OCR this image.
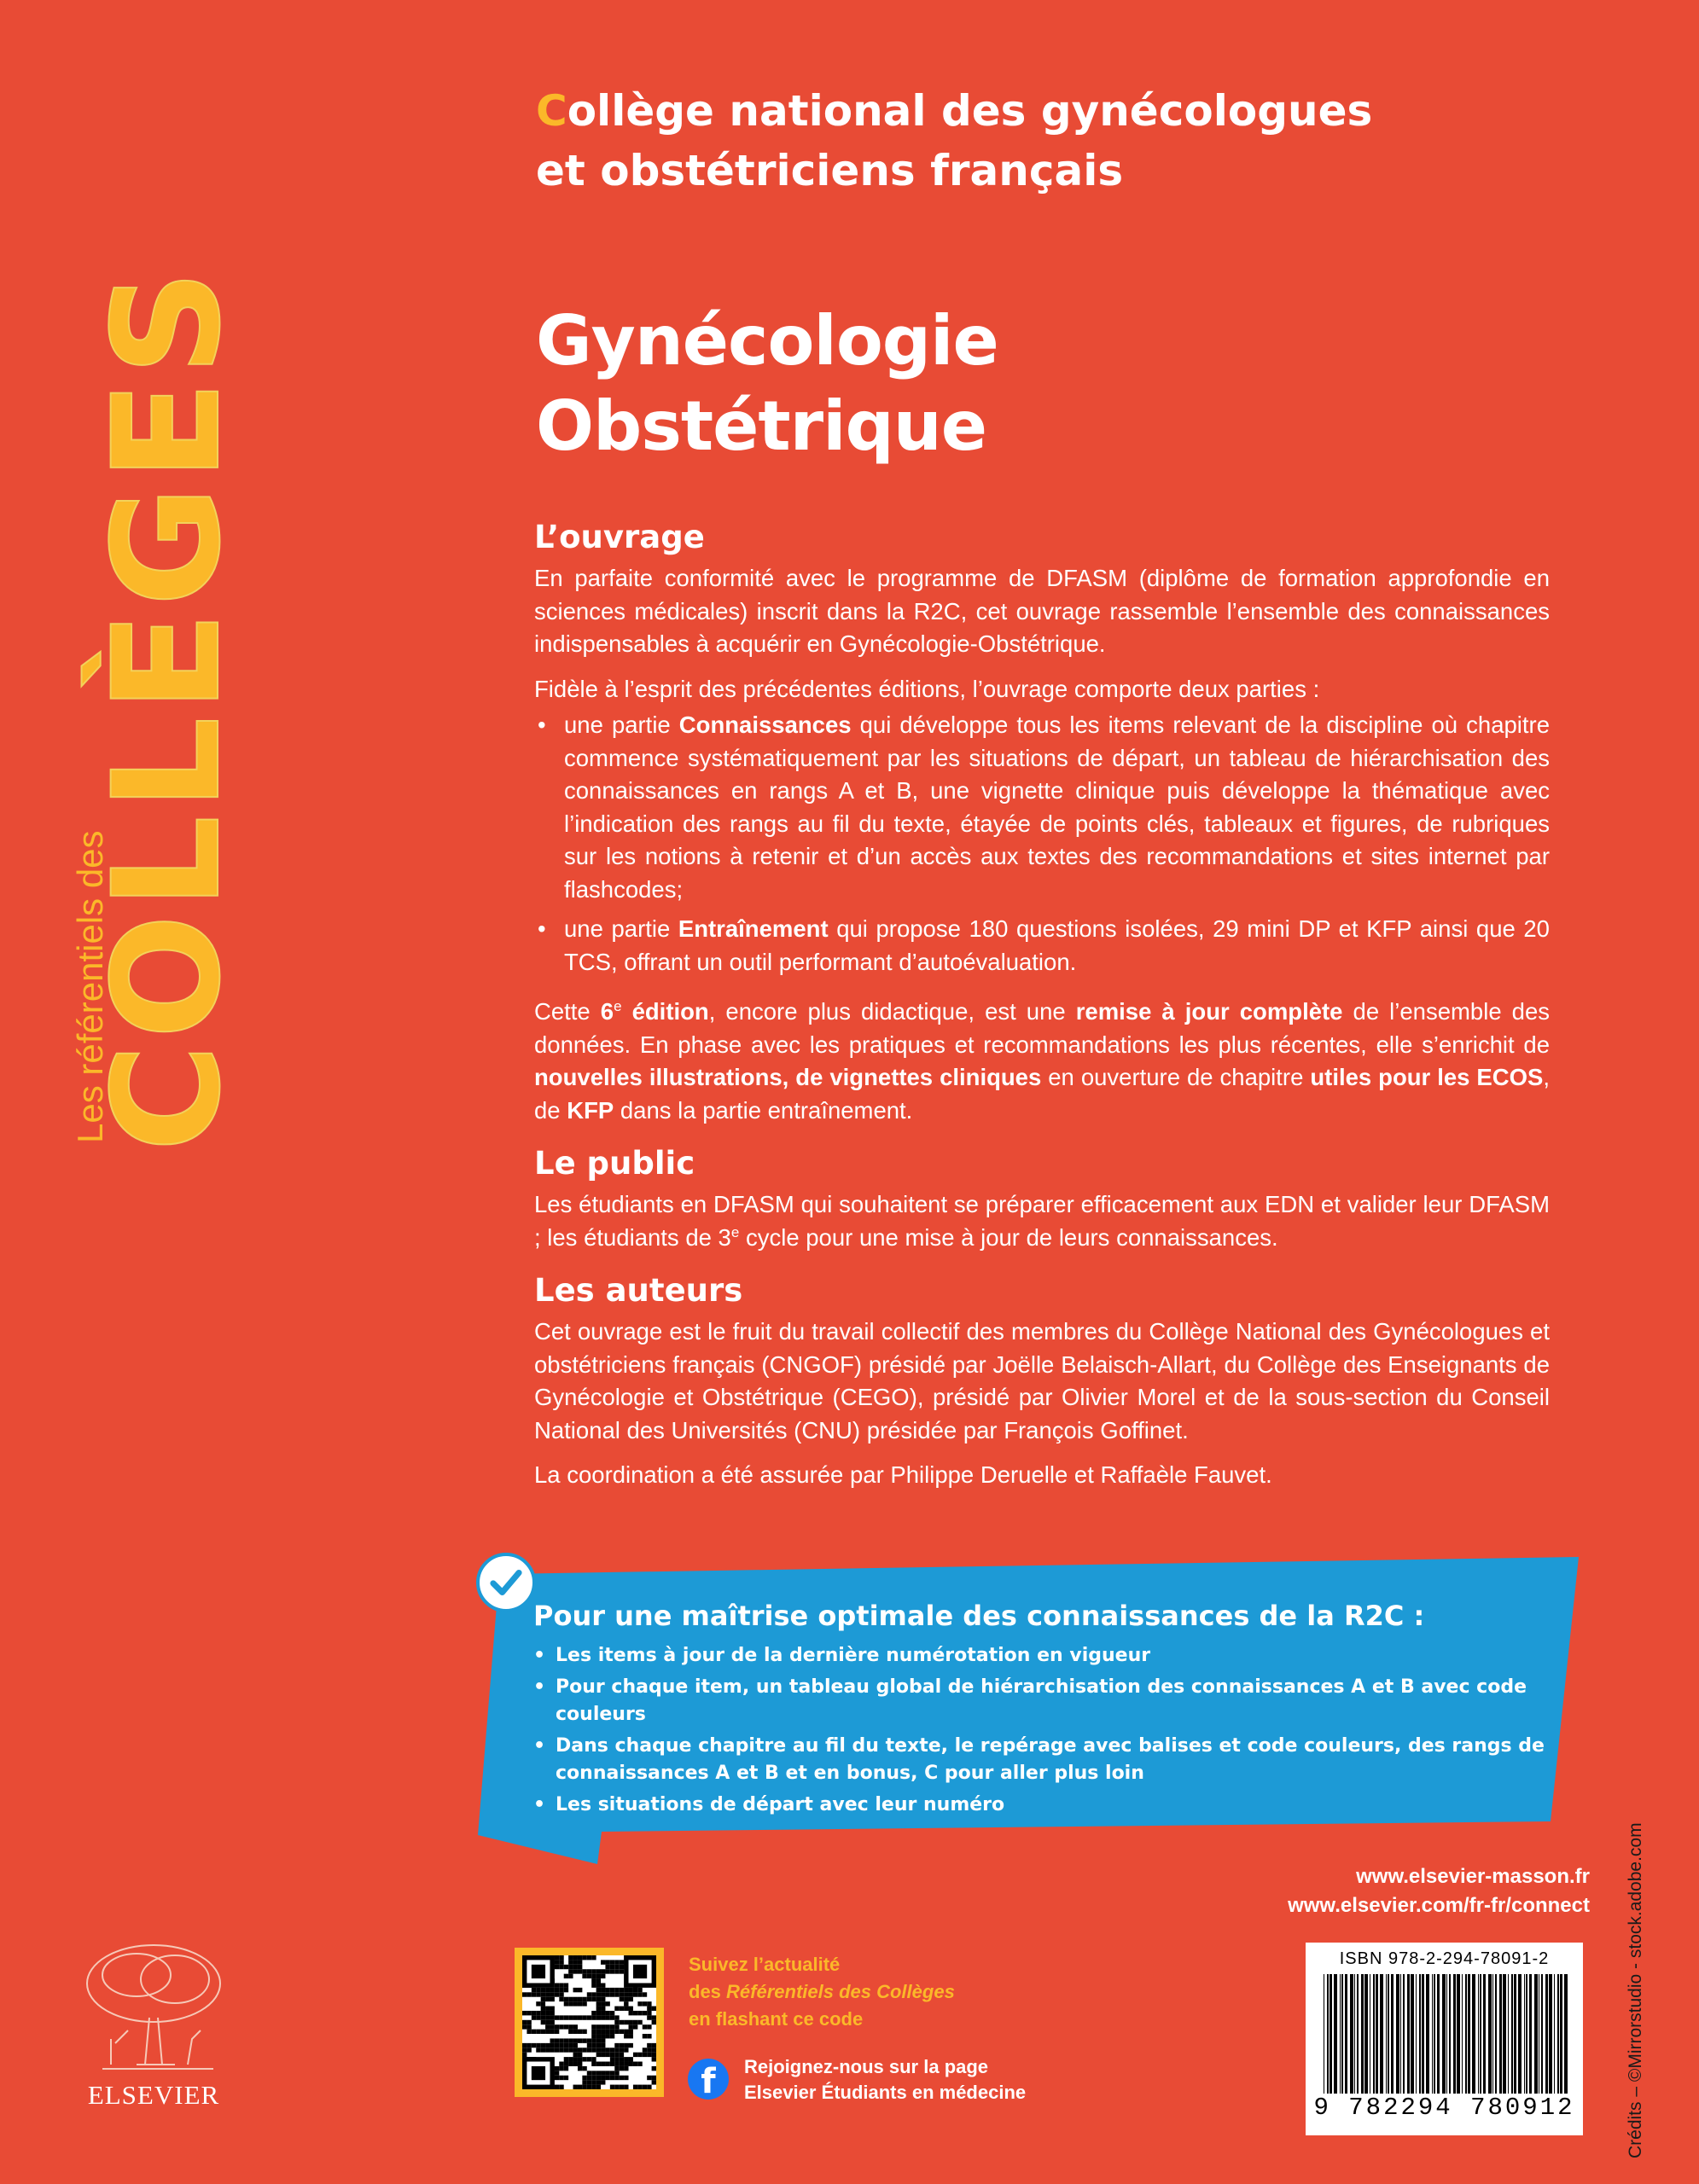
Les référentiels des
COLLÈGES
Collège national des gynécologues
et obstétriciens français
Gynécologie
Obstétrique
L’ouvrage

En parfaite conformité avec le programme de DFASM (diplôme de formation approfondie en sciences médicales) inscrit dans la R2C, cet ouvrage rassemble l’ensemble des connaissances indispensables à acquérir en Gynécologie-Obstétrique.

Fidèle à l’esprit des précédentes éditions, l’ouvrage comporte deux parties :

• une partie Connaissances qui développe tous les items relevant de la discipline où chapitre commence systématiquement par les situations de départ, un tableau de hiérarchisation des connaissances en rangs A et B, une vignette clinique puis développe la thématique avec l’indication des rangs au fil du texte, étayée de points clés, tableaux et figures, de rubriques sur les notions à retenir et d’un accès aux textes des recommandations et sites internet par flashcodes;
• une partie Entraînement qui propose 180 questions isolées, 29 mini DP et KFP ainsi que 20 TCS, offrant un outil performant d’autoévaluation.

Cette 6e édition, encore plus didactique, est une remise à jour complète de l’ensemble des données. En phase avec les pratiques et recommandations les plus récentes, elle s’enrichit de nouvelles illustrations, de vignettes cliniques en ouverture de chapitre utiles pour les ECOS, de KFP dans la partie entraînement.

Le public

Les étudiants en DFASM qui souhaitent se préparer efficacement aux EDN et valider leur DFASM ; les étudiants de 3e cycle pour une mise à jour de leurs connaissances.

Les auteurs

Cet ouvrage est le fruit du travail collectif des membres du Collège National des Gynécologues et obstétriciens français (CNGOF) présidé par Joëlle Belaisch-Allart, du Collège des Enseignants de Gynécologie et Obstétrique (CEGO), présidé par Olivier Morel et de la sous-section du Conseil National des Universités (CNU) présidée par François Goffinet.

La coordination a été assurée par Philippe Deruelle et Raffaèle Fauvet.

Pour une maîtrise optimale des connaissances de la R2C :
• Les items à jour de la dernière numérotation en vigueur
• Pour chaque item, un tableau global de hiérarchisation des connaissances A et B avec code couleurs
• Dans chaque chapitre au fil du texte, le repérage avec balises et code couleurs, des rangs de connaissances A et B et en bonus, C pour aller plus loin
• Les situations de départ avec leur numéro
www.elsevier-masson.fr
www.elsevier.com/fr-fr/connect
ISBN 978-2-294-78091-2
9 782294 780912	Crédits – ©Mirrorstudio - stock.adobe.com
Suivez l’actualité
des Référentiels des Collèges
en flashant ce code
f	Rejoignez-nous sur la page
Elsevier Étudiants en médecine
ELSEVIER
